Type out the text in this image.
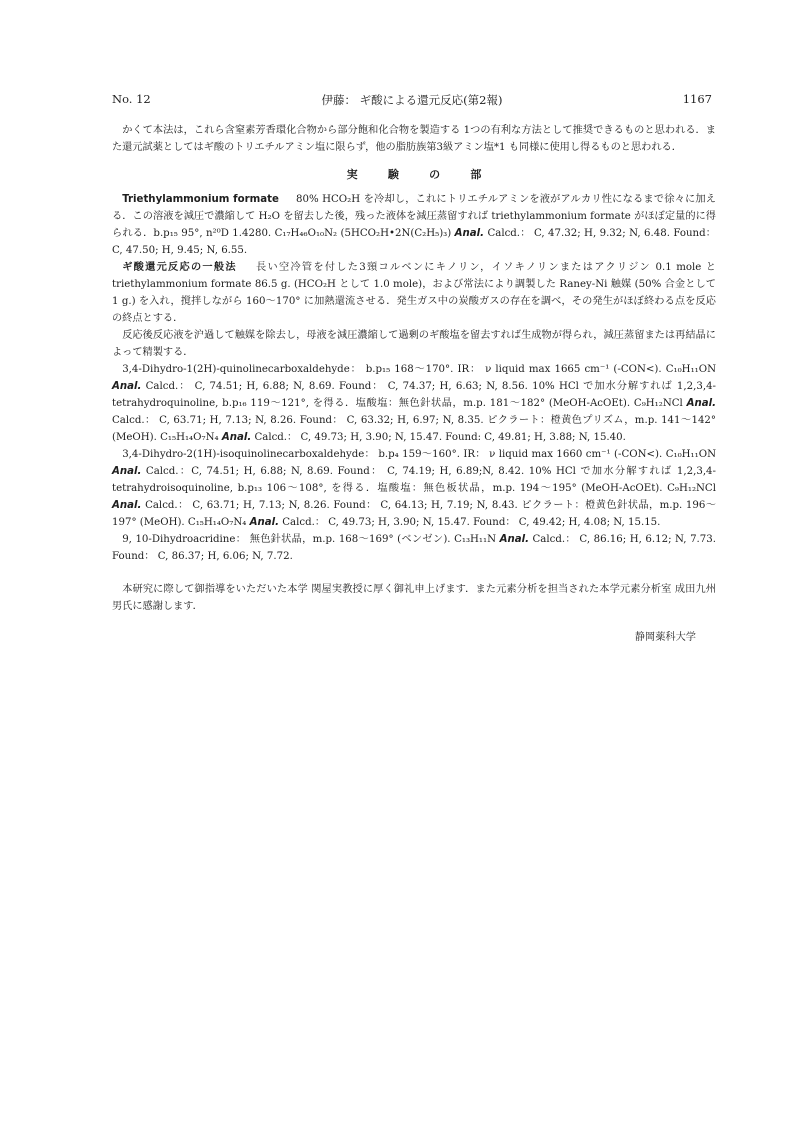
No. 12	伊藤： ギ酸による還元反応(第2報)	1167

かくて本法は，これら含窒素芳香環化合物から部分飽和化合物を製造する 1つの有利な方法として推奨できるものと思われる．また還元試薬としてはギ酸のトリエチルアミン塩に限らず，他の脂肪族第3級アミン塩*1 も同様に使用し得るものと思われる．

実 験 の 部

Triethylammonium formate   80% HCO₂H を冷却し，これにトリエチルアミンを液がアルカリ性になるまで徐々に加える．この溶液を減圧で濃縮して H₂O を留去した後，残った液体を減圧蒸留すれば triethylammonium formate がほぼ定量的に得られる．b.p₁₅ 95°, n²⁰D 1.4280. C₁₇H₄₆O₁₀N₂ (5HCO₂H•2N(C₂H₅)₃) Anal. Calcd.： C, 47.32; H, 9.32; N, 6.48. Found： C, 47.50; H, 9.45; N, 6.55.

ギ酸還元反応の一般法   長い空冷管を付した3頸コルベンにキノリン，イソキノリンまたはアクリジン 0.1 mole と triethylammonium formate 86.5 g. (HCO₂H として 1.0 mole)，および常法により調製した Raney-Ni 触媒 (50% 合金として 1 g.) を入れ，撹拌しながら 160～170° に加熱還流させる．発生ガス中の炭酸ガスの存在を調べ，その発生がほぼ終わる点を反応の終点とする．

反応後反応液を沪過して触媒を除去し，母液を減圧濃縮して過剰のギ酸塩を留去すれば生成物が得られ，減圧蒸留または再結晶によって精製する．

3,4-Dihydro-1(2H)-quinolinecarboxaldehyde： b.p₁₅ 168～170°. IR： ν liquid max 1665 cm⁻¹ (-CON<). C₁₀H₁₁ON Anal. Calcd.： C, 74.51; H, 6.88; N, 8.69. Found： C, 74.37; H, 6.63; N, 8.56. 10% HCl で加水分解すれば 1,2,3,4-tetrahydroquinoline, b.p₁₆ 119～121°, を得る．塩酸塩：無色針状晶，m.p. 181～182° (MeOH-AcOEt). C₉H₁₂NCl Anal. Calcd.： C, 63.71; H, 7.13; N, 8.26. Found： C, 63.32; H, 6.97; N, 8.35. ピクラート：橙黄色プリズム，m.p. 141～142° (MeOH). C₁₅H₁₄O₇N₄ Anal. Calcd.： C, 49.73; H, 3.90; N, 15.47. Found: C, 49.81; H, 3.88; N, 15.40.

3,4-Dihydro-2(1H)-isoquinolinecarboxaldehyde： b.p₄ 159～160°. IR： ν liquid max 1660 cm⁻¹ (-CON<). C₁₀H₁₁ON Anal. Calcd.：C, 74.51; H, 6.88; N, 8.69. Found： C, 74.19; H, 6.89;N, 8.42. 10% HCl で加水分解すれば 1,2,3,4-tetrahydroisoquinoline, b.p₁₃ 106～108°, を得る．塩酸塩：無色板状晶，m.p. 194～195° (MeOH-AcOEt). C₉H₁₂NCl Anal. Calcd.： C, 63.71; H, 7.13; N, 8.26. Found： C, 64.13; H, 7.19; N, 8.43. ピクラート：橙黄色針状晶，m.p. 196～197° (MeOH). C₁₅H₁₄O₇N₄ Anal. Calcd.： C, 49.73; H, 3.90; N, 15.47. Found： C, 49.42; H, 4.08; N, 15.15.

9, 10-Dihydroacridine： 無色針状晶，m.p. 168～169° (ベンゼン). C₁₃H₁₁N Anal. Calcd.： C, 86.16; H, 6.12; N, 7.73. Found： C, 86.37; H, 6.06; N, 7.72.

本研究に際して御指導をいただいた本学 関屋実教授に厚く御礼申上げます．また元素分析を担当された本学元素分析室 成田九州男氏に感謝します．

静岡薬科大学
